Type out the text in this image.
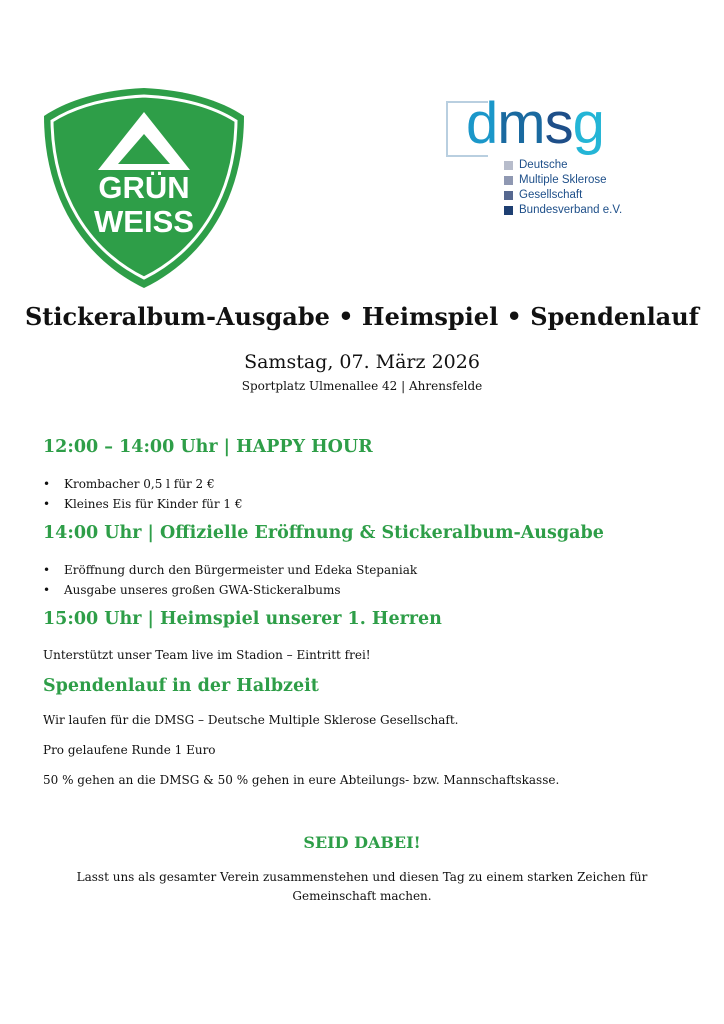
GRÜN
WEISS
dmsg
Deutsche
Multiple Sklerose
Gesellschaft
Bundesverband e.V.
Stickeralbum-Ausgabe • Heimspiel • Spendenlauf

Samstag, 07. März 2026

Sportplatz Ulmenallee 42 | Ahrensfelde

12:00 – 14:00 Uhr | HAPPY HOUR
• Krombacher 0,5 l für 2 €
• Kleines Eis für Kinder für 1 €
14:00 Uhr | Offizielle Eröffnung & Stickeralbum-Ausgabe
• Eröffnung durch den Bürgermeister und Edeka Stepaniak
• Ausgabe unseres großen GWA-Stickeralbums
15:00 Uhr | Heimspiel unserer 1. Herren

Unterstützt unser Team live im Stadion – Eintritt frei!

Spendenlauf in der Halbzeit

Wir laufen für die DMSG – Deutsche Multiple Sklerose Gesellschaft.

Pro gelaufene Runde 1 Euro

50 % gehen an die DMSG & 50 % gehen in eure Abteilungs- bzw. Mannschaftskasse.

SEID DABEI!

Lasst uns als gesamter Verein zusammenstehen und diesen Tag zu einem starken Zeichen für Gemeinschaft machen.
